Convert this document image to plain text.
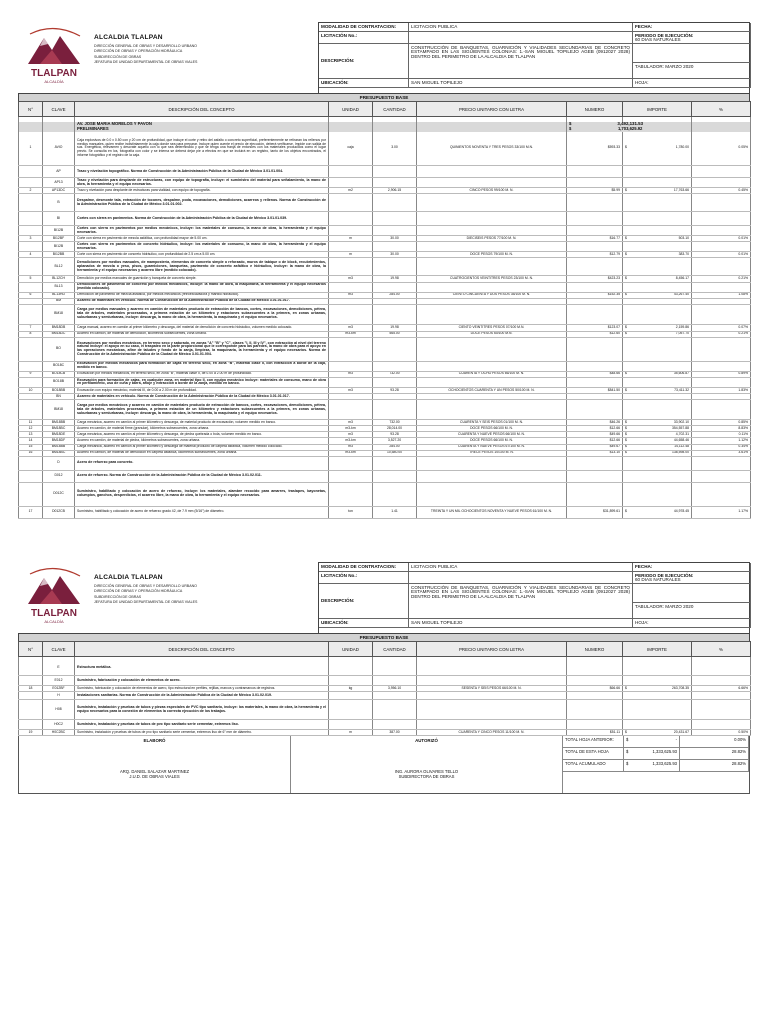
TLALPAN
ALCALDÍA
ALCALDIA TLALPAN
DIRECCIÓN GENERAL DE OBRAS Y DESARROLLO URBANO
DIRECCIÓN DE OBRAS Y OPERACIÓN HIDRÁULICA
SUBDIRECCIÓN DE OBRAS
JEFATURA DE UNIDAD DEPARTAMENTAL DE OBRAS VIALES
MODALIDAD DE CONTRATACION:	LICITACION PUBLICA	FECHA:
LICITACIÓN No.:	PERIODO DE EJECUCIÓN:
60 DIAS NATURALES
DESCRIPCIÓN:
CONSTRUCCIÓN DE BANQUETAS, GUARNICIÓN Y VIALIDADES SECUNDARIAS DE CONCRETO ESTAMPADO EN LAS SIGUIENTES COLONIAS: 1.-SAN MIGUEL TOPILEJO AGEB (0912027 2028) DENTRO DEL PERIMETRO DE LA ALCALDIA DE TLALPAN
TABULADOR: MARZO 2020
UBICACIÓN:	SAN MIGUEL TOPILEJO	HOJA:
PRESUPUESTO BASE
N°	CLAVE	DESCRIPCIÓN DEL CONCEPTO	UNIDAD	CANTIDAD	PRECIO UNITARIO CON LETRA	NUMERO	IMPORTE	%

		AV. JOSÉ MARÍA MORELOS Y PAVON				$ 3,492,131.53		

		PRELIMINARES				$ 1,703,625.92		

1	AVIO	Caja explosivos de 0.0 x 0.50 con y 20 cm de profundidad, que incluye el corte y retiro del asfalto o concreto superficial, preferentemente se retiraran los rellenos por medios manuales, quien recibe indistintamente la caja donde sea para preparar. Incluye quien cuente el precio de ejecución, deberá verificarse. Impide con salida de sus. Energética, relevamen y descrate aquello con lo que sea determinado y que se tenga una franja de entonces con los materiales producidos como el lugar previo. Se consulta en los, fotografía con color y se interna se deberá dejar pie a efectos en que se incluirá en un registro, tanto de los objetos encontrados, el informe fotográfico y el registro de la caja.	caja	3.00	QUINIENTOS NOVENTA Y TRES PESOS 33/100 M.N.	$593.33	$ 1,780.00	0.05%
	AP	Trazo y nivelación topográfico. Norma de Construcción de la Administración Pública de la Ciudad de México 3.01.01.004.						
	AP13	Trazo y nivelación para desplante de estructuras, con equipo de topografía, incluye: el suministro del material para señalamiento, la mano de obra, la herramienta y el equipo necesarios.						
2	AP13DC	Trazo y nivelación para desplante de estructuras para vialidad, con equipo de topografía.	m2	2,906.15	CINCO PESOS 99/100 M. N.	$5.99	$ 17,763.66	0.45%
	B	Despalme, desmonte tala, extracción de tocones, despalme, poda, excavaciones, demoliciones, acarreos y rellenos. Norma de Construcción de la Administración Pública de la Ciudad de México 3.01.01.002.						
	BI	Cortes con sierra en pavimentos. Norma de Construcción de la Administración Pública de la Ciudad de México 3.01.01.039.						
	BI12B	Cortes con sierra en pavimentos por medios mecánicos, incluye: los materiales de consumo, la mano de obra, la herramienta y el equipo necesarios.						
3	BI12BF	Corte con sierra en pavimento de mezcla asfáltica, con profundidad mayor de 5.00 cm.	m	30.00	DIECISEIS PESOS 77/100 M. N.	$16.77	$ 503.10	0.01%
	BI12B	Cortes con sierra en pavimentos de concreto hidráulico, incluye: los materiales de consumo, la mano de obra, la herramienta y el equipo necesarios.						
4	BI12BB	Corte con sierra en pavimento de concreto hidráulico, con profundidad de 2.5 cm a 5.00 cm.	m	30.00	DOCE PESOS 79/100 M. N.	$12.79	$ 383.70	0.01%
	BL12	Demoliciones por medios manuales, de mampostería, elementos de concreto simple o reforzado, muros de tabique o de block, recubrimientos, aplanados de mezcla o yeso, pisos, guarniciones, banquetas, pavimento de concreto asfáltico e hidráulico, incluye: la mano de obra, la herramienta y el equipo necesarios y acarreo libre (medido colocado).						
5	BL12CH	Demolición por medios manuales de guarnición y banqueta de concreto simple.	m3	19.98	CUATROCIENTOS VEINTITRES PESOS 23/100 M. N.	$423.23	$ 8,456.17	0.21%
	BL13	Demoliciones de pavimento de concreto por medios mecánicos, incluye: la mano de obra, la maquinaria, la herramienta y el equipo necesarios (medido colocado).						
6	BL13HD	Demolición de pavimento de mezcla asfáltica, por medios mecánicos (retroexcavadora y martillo hidráulico).	m3	284.00	CIENTO CINCUENTA Y DOS PESOS 35/100 M. N.	$152.35	$ 43,267.40	1.08%
	BM	Acarreo de materiales en vehículo. Norma de Construcción de la Administración Pública de la Ciudad de México 3.01.01.017.						
	BM18	Carga por medios manuales y acarreo en camión de materiales producto de extracción de bancos, cortes, excavaciones, demoliciones, pétrea, tala de árboles, materiales procesados, a primera estación de un kilómetro y estaciones subsecuentes a la primera, en zonas urbanas, suburbanas y semiurbanas, incluye: descarga, la mano de obra, la herramienta, la maquinaria y el equipo necesarios.						
7	BM18DB	Carga manual, acarreo en camión al primer kilómetro y descarga, del material de demolición de concreto hidráulico, volumen medido colocado.	m3	19.98	CIENTO VEINTITRES PESOS 07/100 M.N.	$123.07	$ 2,159.86	0.07%
8	BM18DC	Acarreo en camión, de material de demolición, kilómetros subsecuentes, zona urbana.	m3-km	565.00	DOCE PESOS 60/100 M.N.	$12.60	$ 7,057.70	0.21%
	BO	Excavaciones por medios mecánicos, en terreno seco y saturado, en zonas "A" "B" y "C", clases "I, II, III y IV", con extracción al nivel del terreno natural incluye: el apoyo en su caso, el traspaleo en la parte proporcional que le corresponde para las paredes, la mano de obra para el apoyo en las operaciones mecánicas, afine de taludes y fondo de la zanja, limpieza, la maquinaria, la herramienta y el equipo necesarios. Norma de Construcción de la Administración Pública de la Ciudad de México 3.01.01.004.						
	BO18C	Excavación por medios mecánicos para formación de cajas en terreno seco, en zona "B", material clase II, con extracción a borde de la caja, medido en banco.						
9	BO18CB	Excavación por medios mecánicos, en terreno seco, en zona "B", material clase II, de 0.00 a 2.00 m de profundidad.	m3	732.00	CUARENTA Y OCHO PESOS 66/100 M. N.	$48.66	$ 35,606.87	0.89%
	BO18B	Excavación para formación de cajas, en cualquier zona, en material tipo II, con equipo mecánico incluye: materiales de consumo, mano de obra en perfilamiento, uso de cuña y barra, afloje y extracción a borde de la zanja, medido en banco.						
10	BO18BB	Excavación con equipo mecánico, material III, de 0.00 a 2.00 m de profundidad.	m3	93.28	OCHOCIENTOS CUARENTA Y UN PESOS 50/100 M. N.	$841.50	$ 73,411.32	1.83%
	BN	Acarreo de materiales en vehículo. Norma de Construcción de la Administración Pública de la Ciudad de México 3.01.01.017.						
	BM18	Carga por medios mecánicos y acarreo en camión de materiales producto de extracción de bancos, cortes, excavaciones, demoliciones, pétrea, tala de árboles, materiales procesados, a primera estación de un kilómetro y estaciones subsecuentes a la primera, en zonas urbanas, suburbanas y semiurbanas, incluye: descarga, la mano de obra, la herramienta, la maquinaria y el equipo necesarios.						
11	BM18BB	Carga mecánica, acarreo en camión al primer kilómetro y descarga, de material producto de excavación, volumen medido en banco.	m3	732.00	CUARENTA Y SEIS PESOS 01/100 M. N.	$46.26	$ 33,902.10	0.85%
12	BM18BC	Acarreo en camión, de material firme (granular), kilómetros subsecuentes, zona urbana.	m3-km	28,014.00	DOCE PESOS 66/100 M. N.	$12.66	$ 354,557.88	8.83%
13	BM18DE	Carga mecánica, acarreo en camión al primer kilómetro y descarga, de piedra quebrada o bola, volumen medido en banco.	m3	93.28	CUARENTA Y NUEVE PESOS 66/100 M. N.	$49.66	$ 4,702.31	0.11%
14	BM18DF	Acarreo en camión, de material de piedra, kilómetros subsecuentes, zona urbana.	m3-km	3,527.20	DOCE PESOS 66/100 M. N.	$12.66	$ 44,658.46	1.12%
15	BM18BB	Carga mecánica, acarreo en camión al primer kilómetro y descarga de material producto de carpeta asfáltica, volumen medido colocado.	m3	284.00	CUARENTA Y NUEVE PESOS 67/100 M. N.	$49.67	$ 14,112.48	0.34%
16	BM18BC	Acarreo en camión, de material de demolición en carpeta asfáltica, kilómetros subsecuentes, zona urbana.	m3-km	10,580.00	TRECE PESOS 10/100 M. N.	$13.10	$ 138,598.00	3.61%
	D	Acero de refuerzo para concreto.						
	D012	Acero de refuerzo. Norma de Construcción de la Administración Pública de la Ciudad de México 3.01.02.011.						
	D012C	Suministro, habilitado y colocación de acero de refuerzo, incluye: los materiales, alambre recocido para amarres, traslapes, bayonetas, columpios, ganchos, desperdicios, el acarreo libre, la mano de obra, la herramienta y el equipo necesarios.						
17	D012CB	Suministro, habilitado y colocación de acero de refuerzo grado 42, de 7.9 mm (5/16") de diámetro.	ton	1.41	TREINTA Y UN MIL OCHOCIENTOS NOVENTA Y NUEVE PESOS 61/100 M. N.	$31,899.61	$ 44,978.45	1.17%
TLALPAN
ALCALDÍA
ALCALDIA TLALPAN
DIRECCIÓN GENERAL DE OBRAS Y DESARROLLO URBANO
DIRECCIÓN DE OBRAS Y OPERACIÓN HIDRÁULICA
SUBDIRECCIÓN DE OBRAS
JEFATURA DE UNIDAD DEPARTAMENTAL DE OBRAS VIALES
MODALIDAD DE CONTRATACION:	LICITACION PUBLICA	FECHA:
LICITACIÓN No.:	PERIODO DE EJECUCIÓN:
60 DIAS NATURALES
DESCRIPCIÓN:
CONSTRUCCIÓN DE BANQUETAS, GUARNICIÓN Y VIALIDADES SECUNDARIAS DE CONCRETO ESTAMPADO EN LAS SIGUIENTES COLONIAS: 1.-SAN MIGUEL TOPILEJO AGEB (0912027 2028) DENTRO DEL PERIMETRO DE LA ALCALDIA DE TLALPAN
TABULADOR: MARZO 2020
UBICACIÓN:	SAN MIGUEL TOPILEJO	HOJA:
PRESUPUESTO BASE
N°	CLAVE	DESCRIPCIÓN DEL CONCEPTO	UNIDAD	CANTIDAD	PRECIO UNITARIO CON LETRA	NUMERO	IMPORTE	%

	E	Estructura metálica.						
	E012	Suministro, fabricación y colocación de elementos de acero.						
18	E012BF	Suministro, fabricación y colocación de elementos de acero, tipo estructural en perfiles, rejillas, marcos y contramarcos de registros.	kg	3,956.10	SESENTA Y SEIS PESOS 66/100 M. N.	$66.66	$ 263,708.35	6.66%
	H	Instalaciones sanitarias. Norma de Construcción de la Administración Pública de la Ciudad de México 3.01.02.019.						
	H08	Suministro, instalación y pruebas de tubos y piezas especiales de PVC tipo sanitario, incluye: los materiales, la mano de obra, la herramienta y el equipo necesarios para la conexión de elementos la correcta ejecución de los trabajos.						
	H0C2	Suministro, instalación y pruebas de tubos de pvc tipo sanitario serie cementar, extremos liso.						
19	H0C2BC	Suministro, instalación y pruebas de tubos de pvc tipo sanitario serie cementar, extremos liso de 6" mm de diámetro.	m	387.00	CUARENTA Y CINCO PESOS 11/100 M. N.	$51.11	$ 20,431.67	0.50%
ELABORÓ
ARQ. DANIEL SALAZAR MARTINEZ
J.U.D. DE OBRAS VIALES
AUTORIZÓ
ING. AURORA OLIVARES TELLO
SUBDIRECTORA DE OBRAS
TOTAL HOJA ANTERIOR:	$	-	0.00%
TOTAL DE ESTA HOJA	$	1,333,625.93	28.82%
TOTAL ACUMULADO	$	1,333,625.93	28.82%
